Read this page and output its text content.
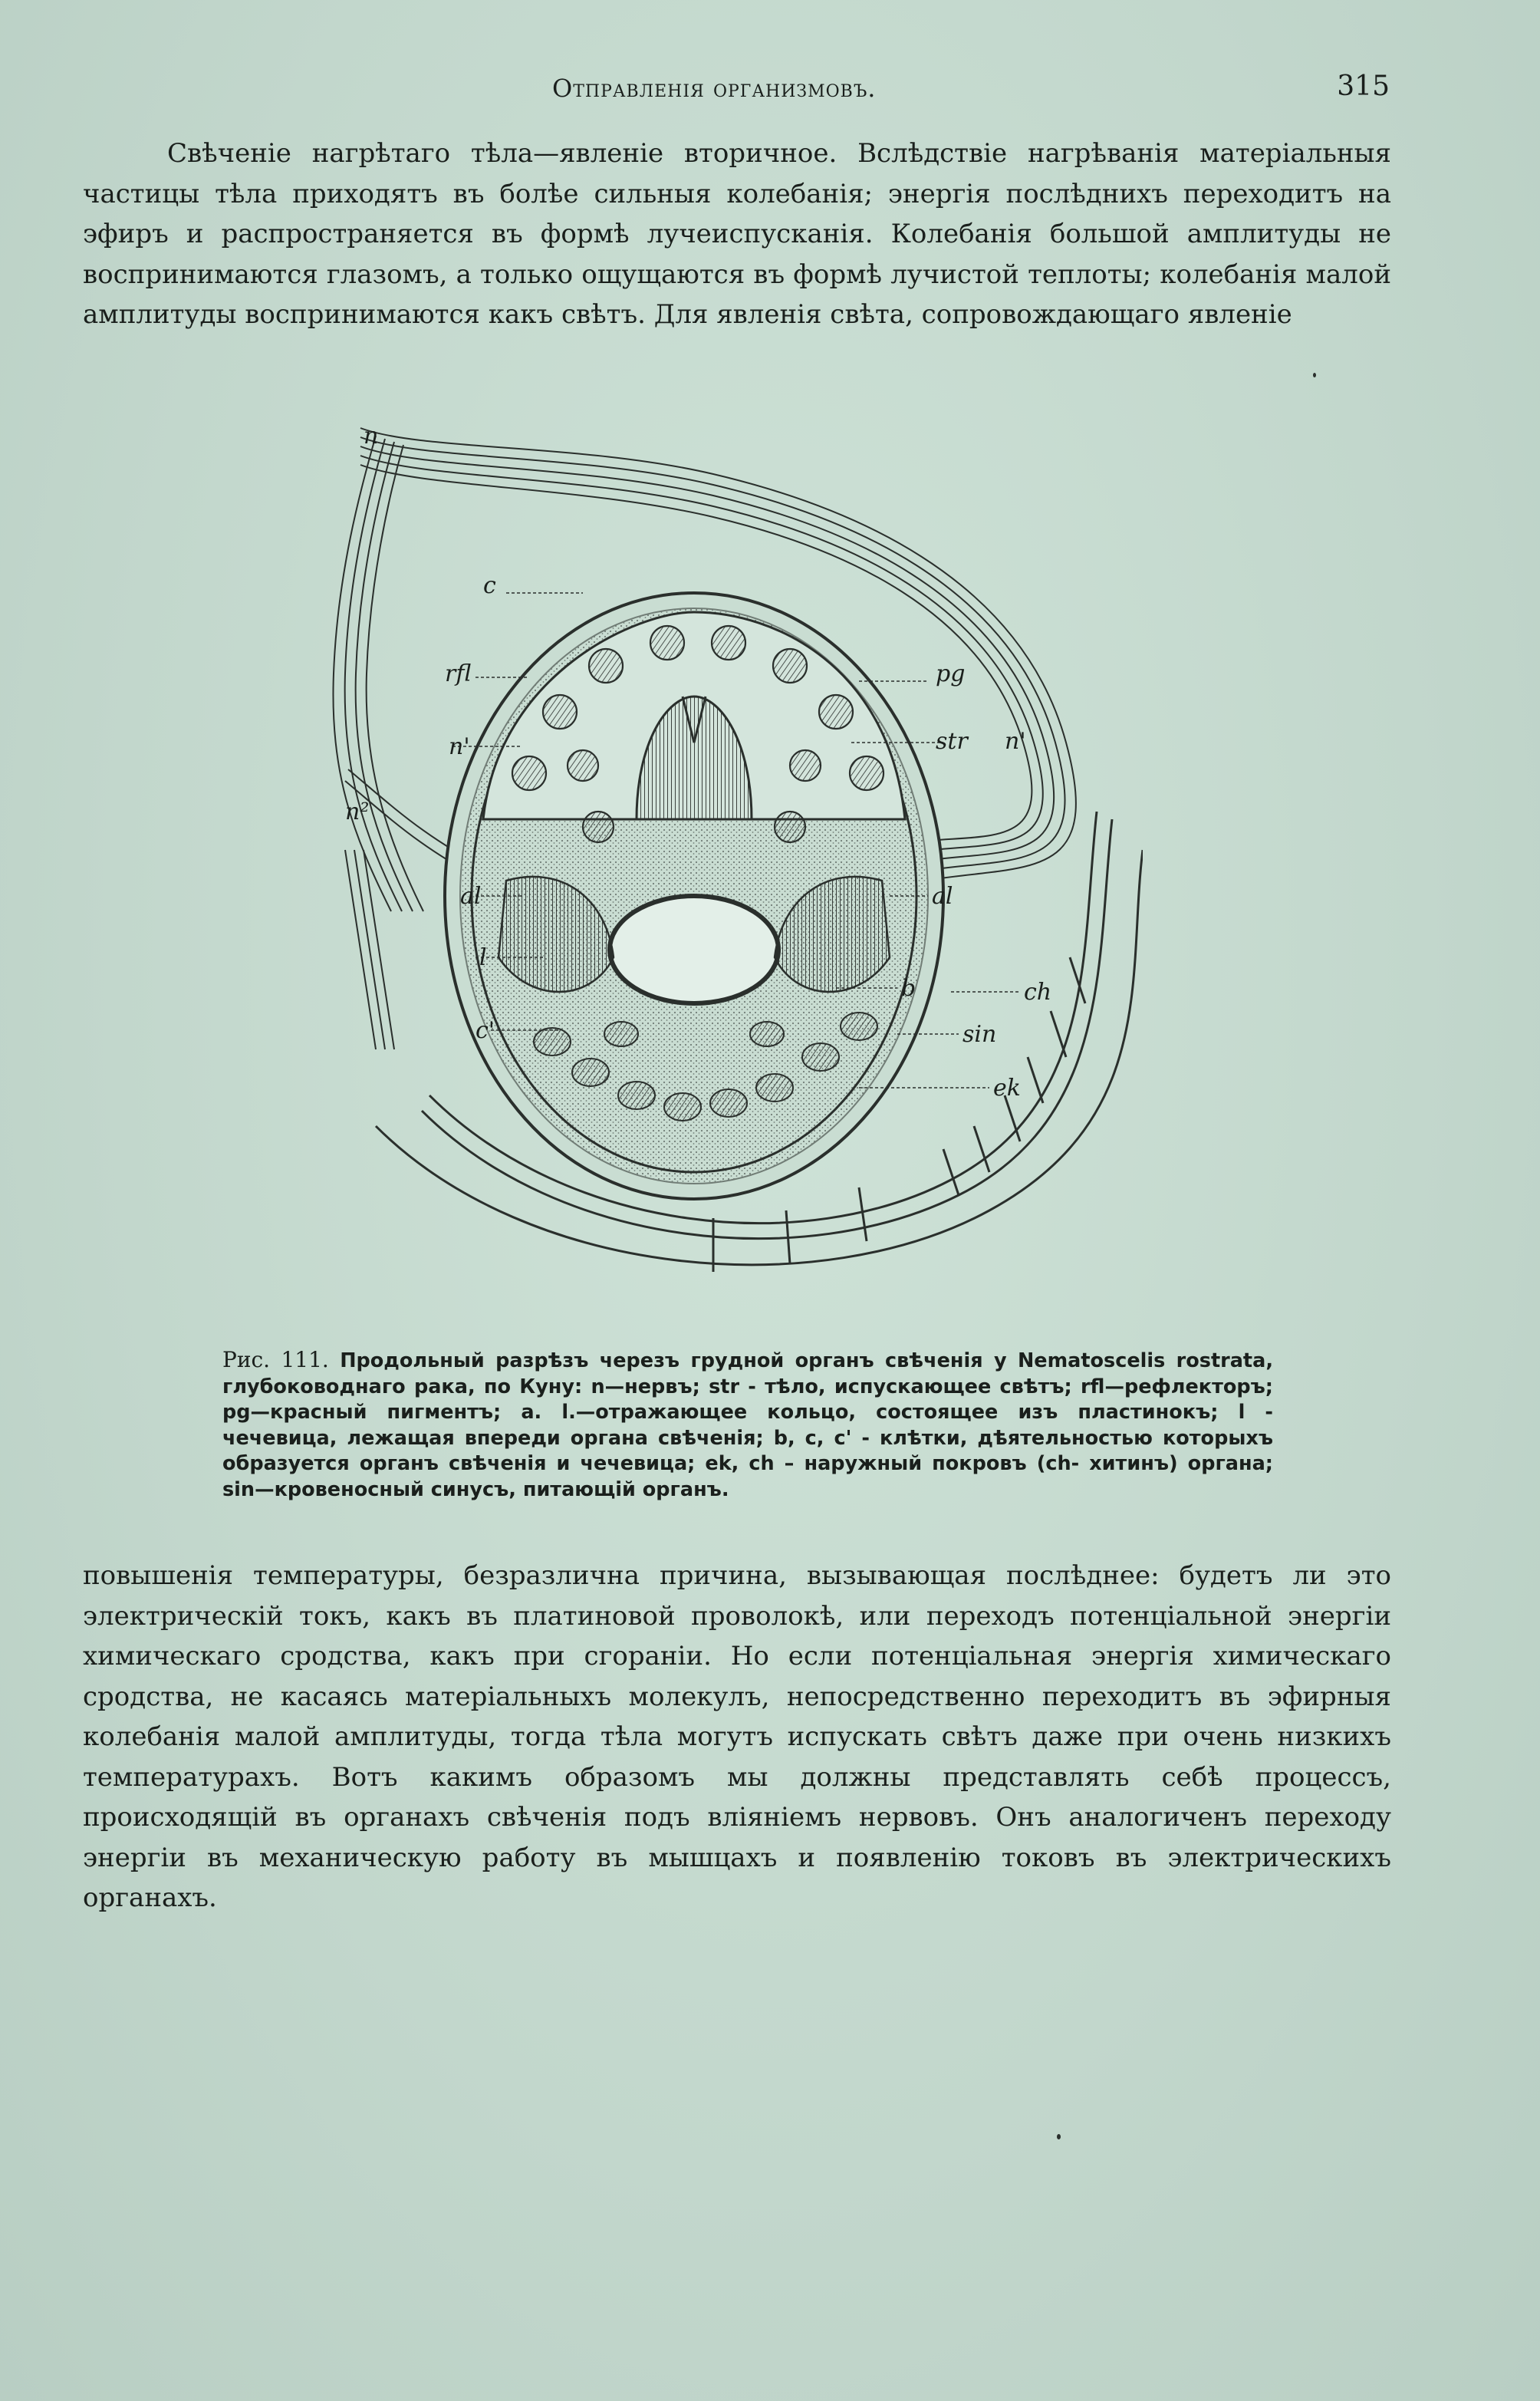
Отправленія организмовъ.	315

Свѣченіе нагрѣтаго тѣла—явленіе вторичное. Вслѣдствіе нагрѣванія матеріальныя частицы тѣла приходятъ въ болѣе сильныя колебанія; энергія послѣднихъ переходитъ на эфиръ и распространяется въ формѣ лучеиспусканія. Колебанія большой амплитуды не воспринимаются глазомъ, а только ощущаются въ формѣ лучистой теплоты; колебанія малой амплитуды воспринимаются какъ свѣтъ. Для явленія свѣта, сопровождающаго явленіе

n
c
rfl	pg
str n'
n'
n²
al	al
l
b	ch
c'	sin
ek
Рис. 111. Продольный разрѣзъ черезъ грудной органъ свѣченія у Nematoscelis rostrata, глубоководнаго рака, по Куну: n—нервъ; str - тѣло, испускающее свѣтъ; rfl—рефлекторъ; pg—красный пигментъ; a. l.—отражающее кольцо, состоящее изъ пластинокъ; l - чечевица, лежащая впереди органа свѣченія; b, c, c' - клѣтки, дѣятельностью которыхъ образуется органъ свѣченія и чечевица; ek, ch – наружный покровъ (ch- хитинъ) органа; sin—кровеносный синусъ, питающій органъ.

повышенія температуры, безразлична причина, вызывающая послѣднее: будетъ ли это электрическій токъ, какъ въ платиновой проволокѣ, или переходъ потенціальной энергіи химическаго сродства, какъ при сгораніи. Но если потенціальная энергія химическаго сродства, не касаясь матеріальныхъ молекулъ, непосредственно переходитъ въ эфирныя колебанія малой амплитуды, тогда тѣла могутъ испускать свѣтъ даже при очень низкихъ температурахъ. Вотъ какимъ образомъ мы должны представлять себѣ процессъ, происходящій въ органахъ свѣченія подъ вліяніемъ нервовъ. Онъ аналогиченъ переходу энергіи въ механическую работу въ мышцахъ и появленію токовъ въ электрическихъ органахъ.
